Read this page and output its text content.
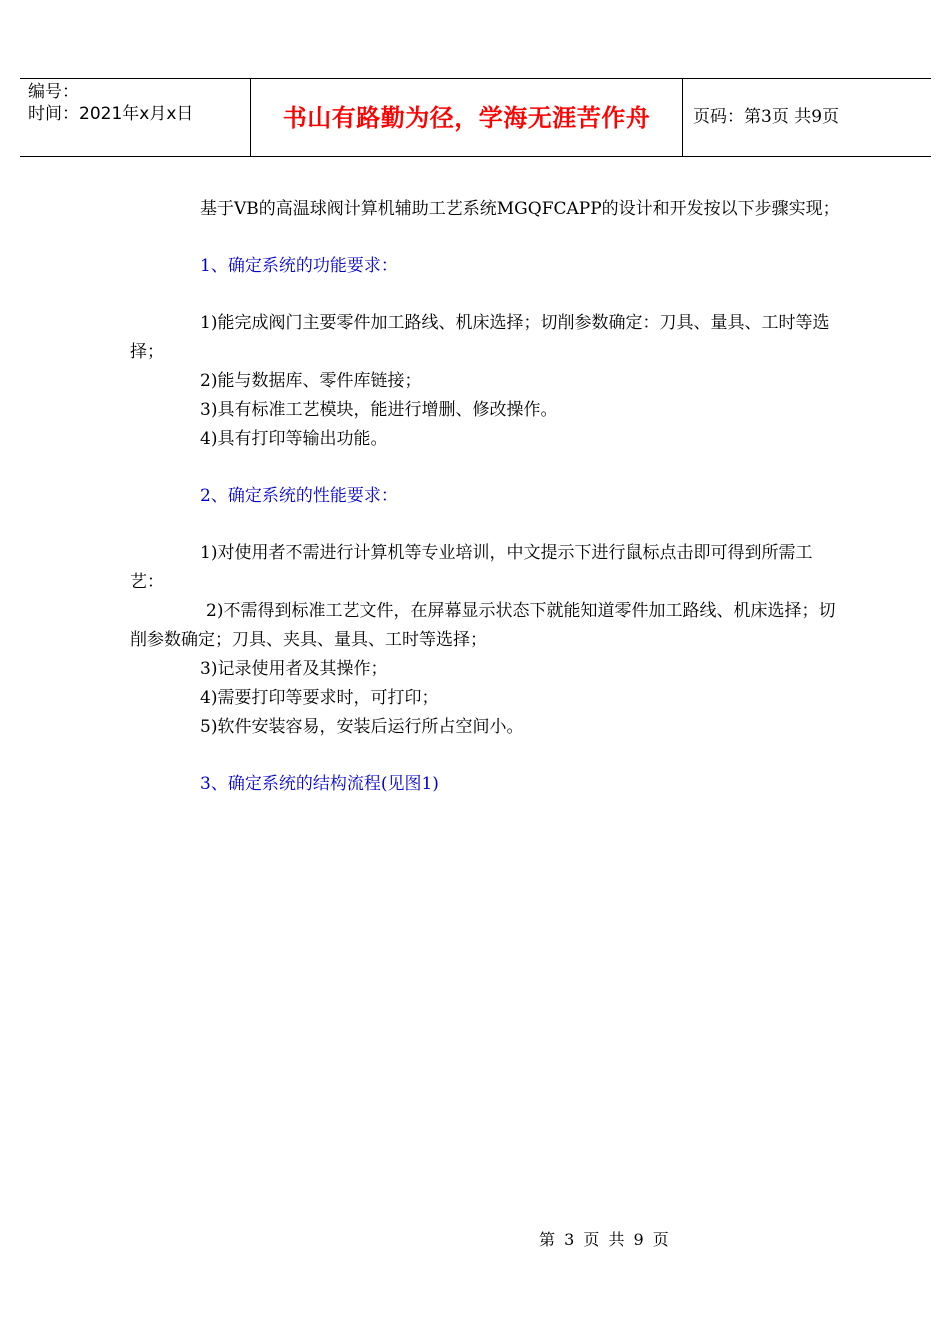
编号：
时间：2021年x月x日	书山有路勤为径，学海无涯苦作舟	页码：第3页 共9页

基于VB的高温球阀计算机辅助工艺系统MGQFCAPP的设计和开发按以下步骤实现；

1、确定系统的功能要求：

1)能完成阀门主要零件加工路线、机床选择；切削参数确定：刀具、量具、工时等选择；

2)能与数据库、零件库链接；

3)具有标准工艺模块，能进行增删、修改操作。

4)具有打印等输出功能。

2、确定系统的性能要求：

1)对使用者不需进行计算机等专业培训，中文提示下进行鼠标点击即可得到所需工艺：

2)不需得到标准工艺文件，在屏幕显示状态下就能知道零件加工路线、机床选择；切削参数确定；刀具、夹具、量具、工时等选择；

3)记录使用者及其操作；

4)需要打印等要求时，可打印；

5)软件安装容易，安装后运行所占空间小。

3、确定系统的结构流程(见图1)

第 3 页 共 9 页
